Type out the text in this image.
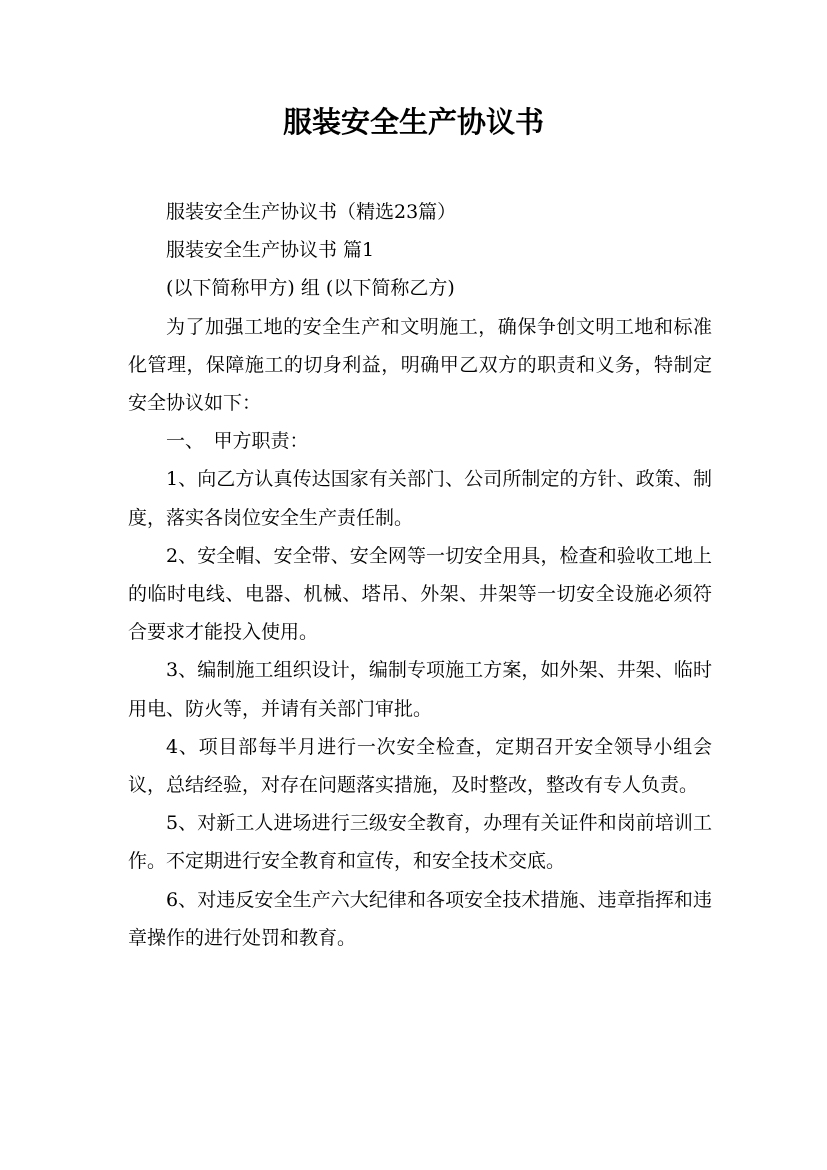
服装安全生产协议书

服装安全生产协议书（精选23篇）

服装安全生产协议书 篇1

(以下简称甲方) 组 (以下简称乙方)

为了加强工地的安全生产和文明施工，确保争创文明工地和标准化管理，保障施工的切身利益，明确甲乙双方的职责和义务，特制定安全协议如下：

一、　甲方职责：

1、向乙方认真传达国家有关部门、公司所制定的方针、政策、制度，落实各岗位安全生产责任制。

2、安全帽、安全带、安全网等一切安全用具，检查和验收工地上的临时电线、电器、机械、塔吊、外架、井架等一切安全设施必须符合要求才能投入使用。

3、编制施工组织设计，编制专项施工方案，如外架、井架、临时用电、防火等，并请有关部门审批。

4、项目部每半月进行一次安全检查，定期召开安全领导小组会议，总结经验，对存在问题落实措施，及时整改，整改有专人负责。

5、对新工人进场进行三级安全教育，办理有关证件和岗前培训工作。不定期进行安全教育和宣传，和安全技术交底。

6、对违反安全生产六大纪律和各项安全技术措施、违章指挥和违章操作的进行处罚和教育。
